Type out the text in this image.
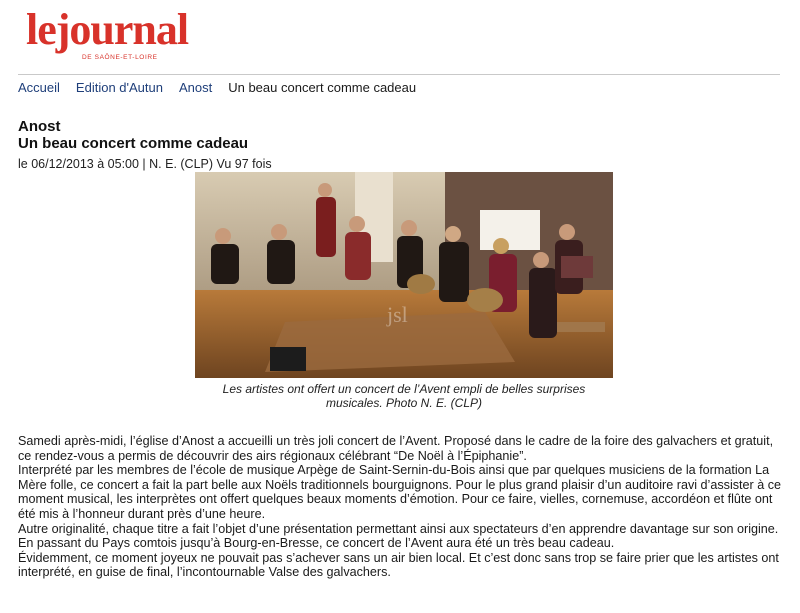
lejournal
DE SAÔNE-ET-LOIRE
Accueil Edition d'Autun Anost Un beau concert comme cadeau
Anost
Un beau concert comme cadeau
le 06/12/2013 à 05:00 | N. E. (CLP) Vu 97 fois
jsl
Les artistes ont offert un concert de l’Avent empli de belles surprises musicales. Photo N. E. (CLP)

Samedi après-midi, l’église d’Anost a accueilli un très joli concert de l’Avent. Proposé dans le cadre de la foire des galvachers et gratuit, ce rendez-vous a permis de découvrir des airs régionaux célébrant “De Noël à l’Épiphanie”.

Interprété par les membres de l’école de musique Arpège de Saint-Sernin-du-Bois ainsi que par quelques musiciens de la formation La Mère folle, ce concert a fait la part belle aux Noëls traditionnels bourguignons. Pour le plus grand plaisir d’un auditoire ravi d’assister à ce moment musical, les interprètes ont offert quelques beaux moments d’émotion. Pour ce faire, vielles, cornemuse, accordéon et flûte ont été mis à l’honneur durant près d’une heure.

Autre originalité, chaque titre a fait l’objet d’une présentation permettant ainsi aux spectateurs d’en apprendre davantage sur son origine. En passant du Pays comtois jusqu’à Bourg-en-Bresse, ce concert de l’Avent aura été un très beau cadeau.

Évidemment, ce moment joyeux ne pouvait pas s’achever sans un air bien local. Et c’est donc sans trop se faire prier que les artistes ont interprété, en guise de final, l’incontournable Valse des galvachers.
